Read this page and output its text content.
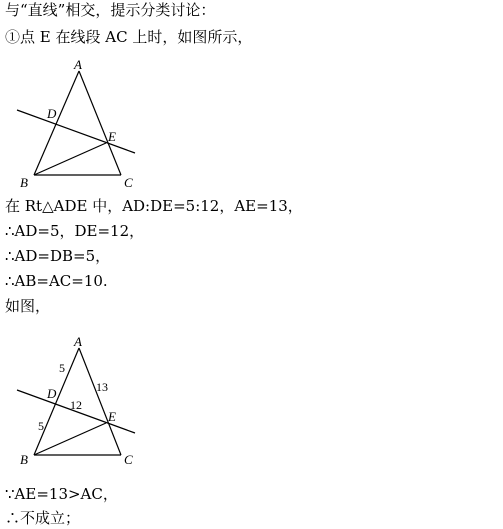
与“直线”相交，提示分类讨论：
①点 E 在线段 AC 上时，如图所示，
A
D
E
B	C
在 Rt△ADE 中，AD:DE=5:12，AE=13，
∴AD=5，DE=12，
∴AD=DB=5，
∴AB=AC=10.
如图，
A
D
E
B	C
5
5
12
13
∵AE=13>AC，
∴不成立；
